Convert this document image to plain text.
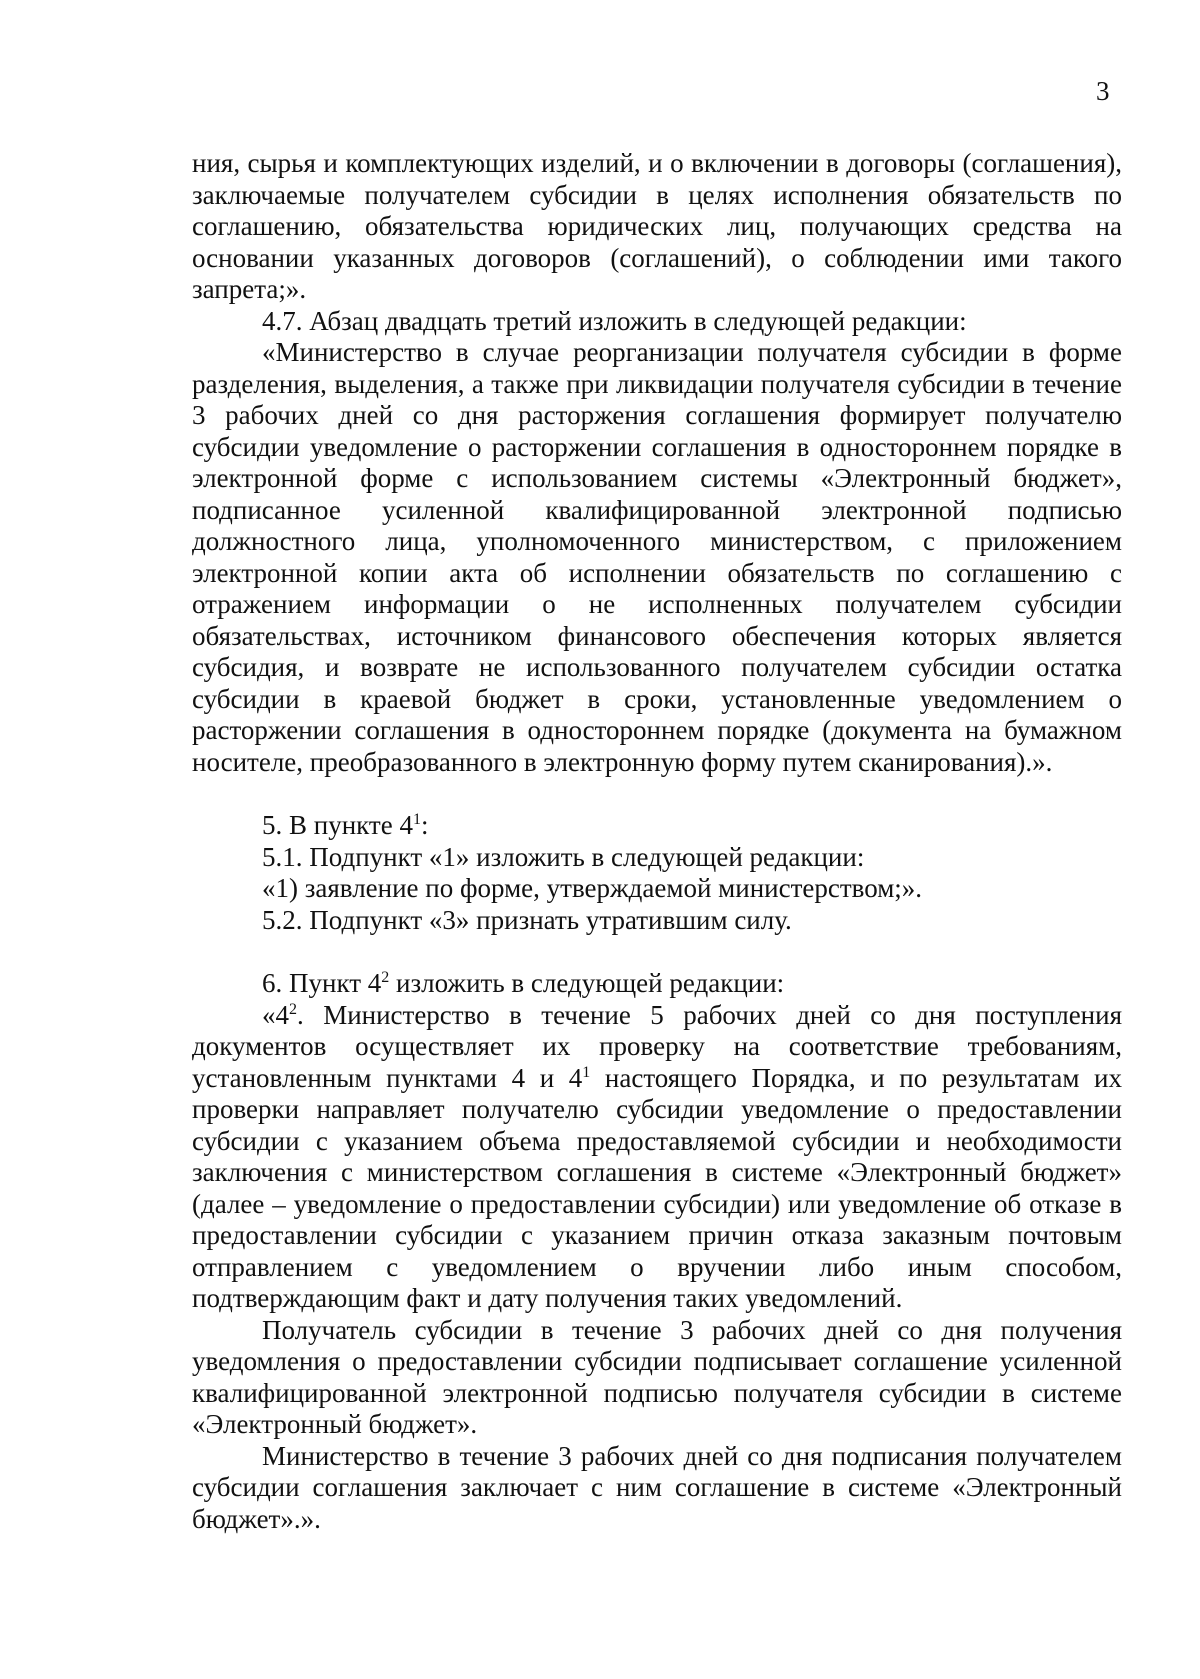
3

ния, сырья и комплектующих изделий, и о включении в договоры (соглашения), заключаемые получателем субсидии в целях исполнения обязательств по соглашению, обязательства юридических лиц, получающих средства на основании указанных договоров (соглашений), о соблюдении ими такого запрета;».

4.7. Абзац двадцать третий изложить в следующей редакции:

«Министерство в случае реорганизации получателя субсидии в форме разделения, выделения, а также при ликвидации получателя субсидии в течение 3 рабочих дней со дня расторжения соглашения формирует получателю субсидии уведомление о расторжении соглашения в одностороннем порядке в электронной форме с использованием системы «Электронный бюджет», подписанное усиленной квалифицированной электронной подписью должностного лица, уполномоченного министерством, с приложением электронной копии акта об исполнении обязательств по соглашению с отражением информации о не исполненных получателем субсидии обязательствах, источником финансового обеспечения которых является субсидия, и возврате не использованного получателем субсидии остатка субсидии в краевой бюджет в сроки, установленные уведомлением о расторжении соглашения в одностороннем порядке (документа на бумажном носителе, преобразованного в электронную форму путем сканирования).».

5. В пункте $4^1$:

5.1. Подпункт «1» изложить в следующей редакции:

«1) заявление по форме, утверждаемой министерством;».

5.2. Подпункт «3» признать утратившим силу.

6. Пункт $4^2$ изложить в следующей редакции:

«$4^2$. Министерство в течение 5 рабочих дней со дня поступления документов осуществляет их проверку на соответствие требованиям, установленным пунктами 4 и $4^1$ настоящего Порядка, и по результатам их проверки направляет получателю субсидии уведомление о предоставлении субсидии с указанием объема предоставляемой субсидии и необходимости заключения с министерством соглашения в системе «Электронный бюджет» (далее – уведомление о предоставлении субсидии) или уведомление об отказе в предоставлении субсидии с указанием причин отказа заказным почтовым отправлением с уведомлением о вручении либо иным способом, подтверждающим факт и дату получения таких уведомлений.

Получатель субсидии в течение 3 рабочих дней со дня получения уведомления о предоставлении субсидии подписывает соглашение усиленной квалифицированной электронной подписью получателя субсидии в системе «Электронный бюджет».

Министерство в течение 3 рабочих дней со дня подписания получателем субсидии соглашения заключает с ним соглашение в системе «Электронный бюджет».».
